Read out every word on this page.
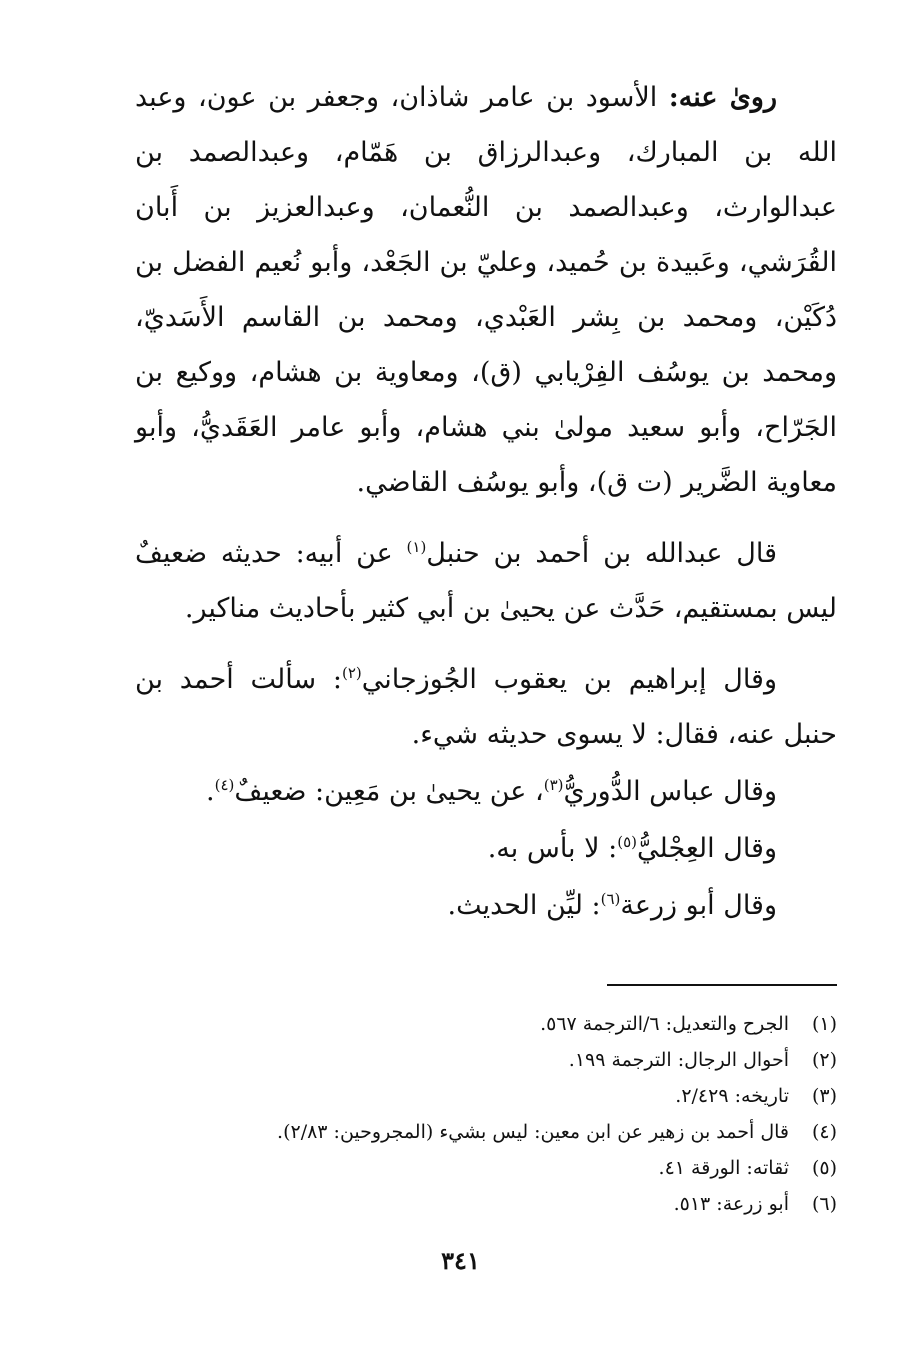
روىٰ عنه: الأسود بن عامر شاذان، وجعفر بن عون، وعبد الله بن المبارك، وعبدالرزاق بن هَمّام، وعبدالصمد بن عبدالوارث، وعبدالصمد بن النُّعمان، وعبدالعزيز بن أَبان القُرَشي، وعَبيدة بن حُميد، وعليّ بن الجَعْد، وأبو نُعيم الفضل بن دُكَيْن، ومحمد بن بِشر العَبْدي، ومحمد بن القاسم الأَسَديّ، ومحمد بن يوسُف الفِرْيابي (ق)، ومعاوية بن هشام، ووكيع بن الجَرّاح، وأبو سعيد مولىٰ بني هشام، وأبو عامر العَقَديُّ، وأبو معاوية الضَّرير (ت ق)، وأبو يوسُف القاضي.

قال عبدالله بن أحمد بن حنبل$^{(١)}$ عن أبيه: حديثه ضعيفٌ ليس بمستقيم، حَدَّث عن يحيىٰ بن أبي كثير بأحاديث مناكير.

وقال إبراهيم بن يعقوب الجُوزجاني$^{(٢)}$: سألت أحمد بن حنبل عنه، فقال: لا يسوى حديثه شيء.

وقال عباس الدُّوريُّ$^{(٣)}$، عن يحيىٰ بن مَعِين: ضعيفٌ$^{(٤)}$.

وقال العِجْليُّ$^{(٥)}$: لا بأس به.

وقال أبو زرعة$^{(٦)}$: ليِّن الحديث.

(١)
الجرح والتعديل: ٦/الترجمة ٥٦٧.
(٢)
أحوال الرجال: الترجمة ١٩٩.
(٣)
تاريخه: ٢/٤٢٩.
(٤)
قال أحمد بن زهير عن ابن معين: ليس بشيء (المجروحين: ٢/٨٣).
(٥)
ثقاته: الورقة ٤١.
(٦)
أبو زرعة: ٥١٣.
٣٤١
